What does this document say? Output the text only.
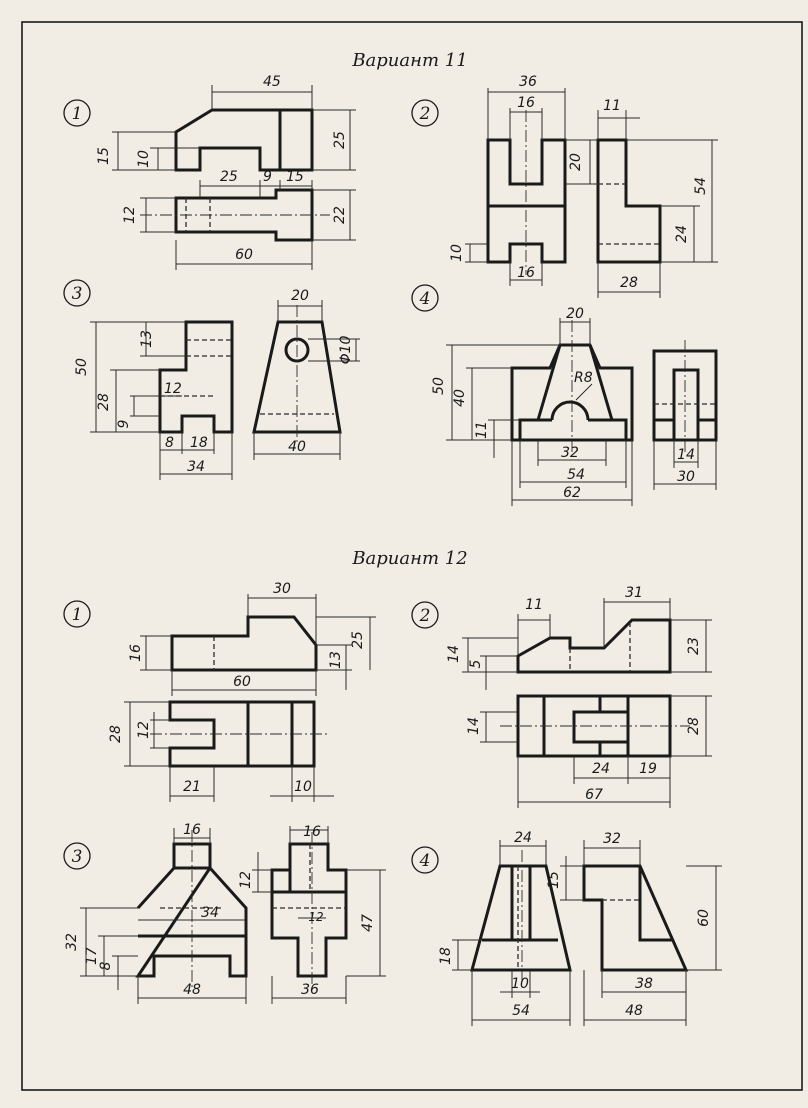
Вариант 11
1
45
15 10
25
25 9 15
12	22
60
2
36
16
20
10
16
11
54
24
28
3
50
13
28
12
9
8 18
34
20
Φ10
40
4
20
50
40
11
R8
32
54
62
14
30
Вариант 12
1
30
16	13
25
60
28 12
21	10
2
11
31
14
5
23
14	28
24 19
67
3
16
32
34
17
8
48
16
12
12	47
36
4
24	32
15
60
18
10
54
38
48
